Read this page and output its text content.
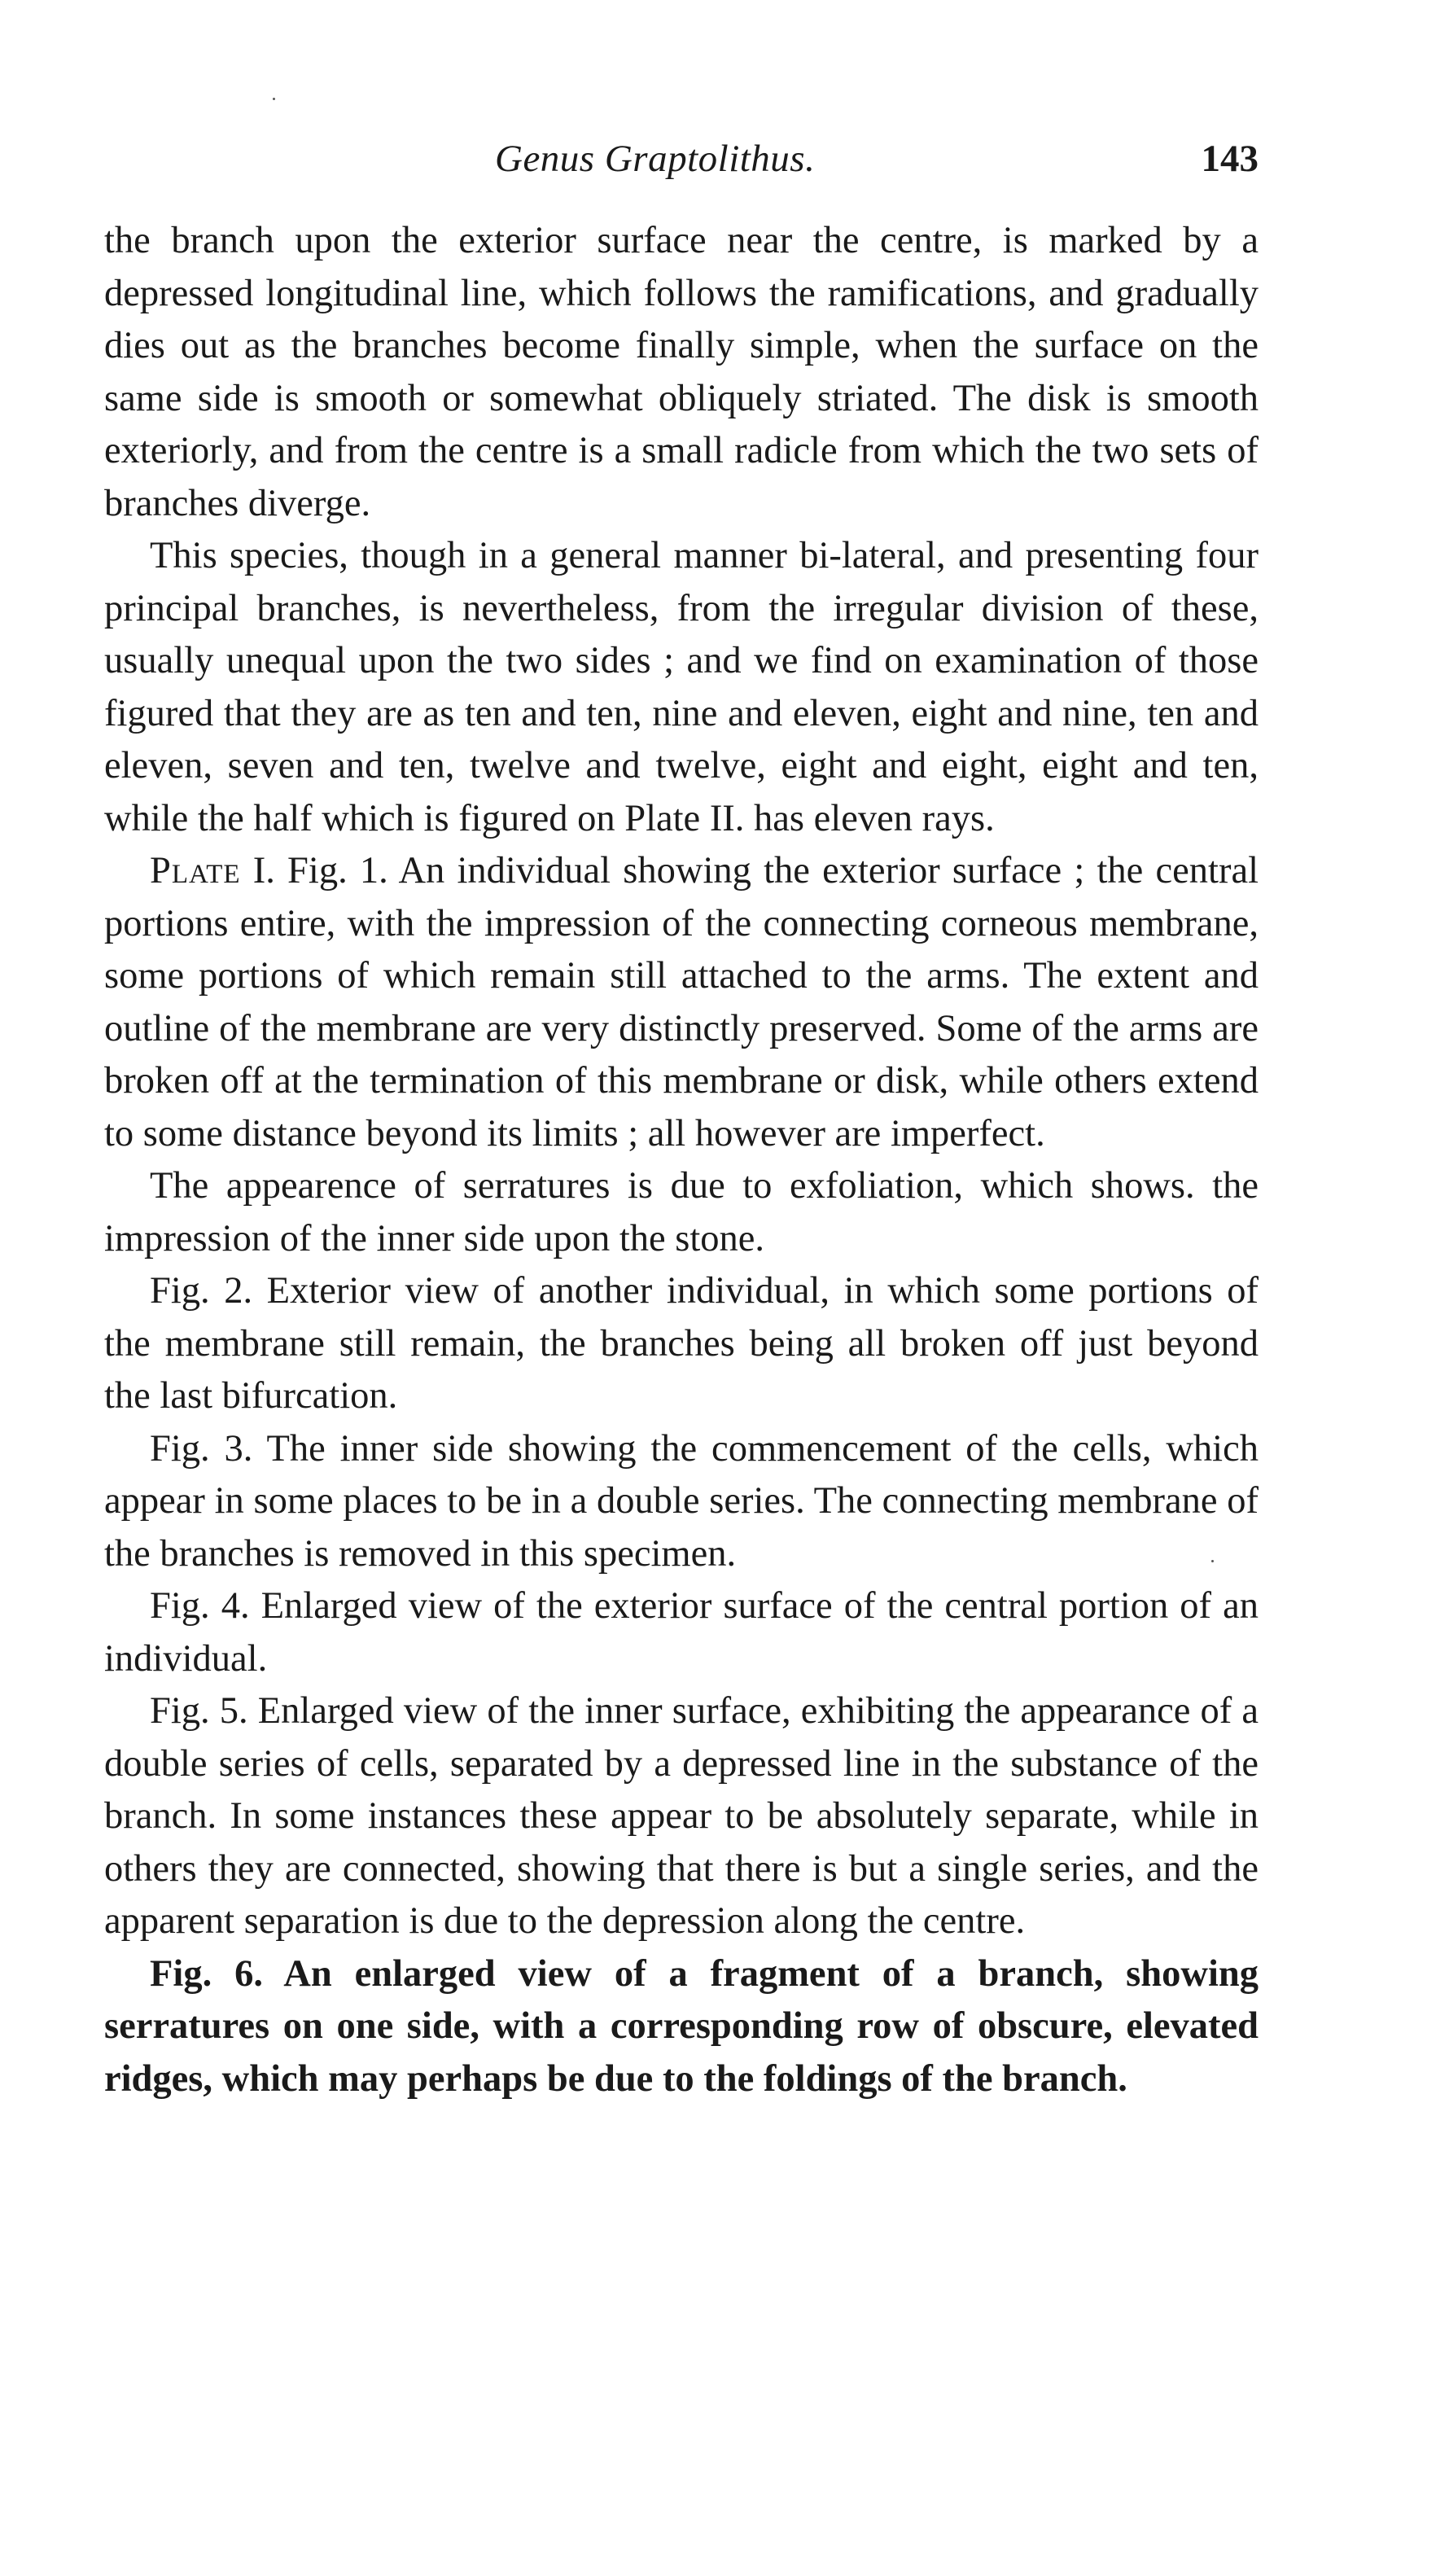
Genus Graptolithus.	143

the branch upon the exterior surface near the centre, is marked by a depressed longitudinal line, which follows the ramifications, and gradually dies out as the branches become finally simple, when the surface on the same side is smooth or somewhat obliquely striated. The disk is smooth exteriorly, and from the centre is a small radicle from which the two sets of branches diverge.

This species, though in a general manner bi-lateral, and presenting four principal branches, is nevertheless, from the irregular division of these, usually unequal upon the two sides ; and we find on examination of those figured that they are as ten and ten, nine and eleven, eight and nine, ten and eleven, seven and ten, twelve and twelve, eight and eight, eight and ten, while the half which is figured on Plate II. has eleven rays.

Plate I. Fig. 1. An individual showing the exterior surface ; the central portions entire, with the impression of the connecting corneous membrane, some portions of which remain still attached to the arms. The extent and outline of the membrane are very distinctly preserved. Some of the arms are broken off at the termination of this membrane or disk, while others extend to some distance beyond its limits ; all however are imperfect.

The appearence of serratures is due to exfoliation, which shows. the impression of the inner side upon the stone.

Fig. 2. Exterior view of another individual, in which some portions of the membrane still remain, the branches being all broken off just beyond the last bifurcation.

Fig. 3. The inner side showing the commencement of the cells, which appear in some places to be in a double series. The connecting membrane of the branches is removed in this specimen.

Fig. 4. Enlarged view of the exterior surface of the central portion of an individual.

Fig. 5. Enlarged view of the inner surface, exhibiting the appearance of a double series of cells, separated by a depressed line in the substance of the branch. In some instances these appear to be absolutely separate, while in others they are connected, showing that there is but a single series, and the apparent separation is due to the depression along the centre.

Fig. 6. An enlarged view of a fragment of a branch, showing serratures on one side, with a corresponding row of obscure, elevated ridges, which may perhaps be due to the foldings of the branch.
